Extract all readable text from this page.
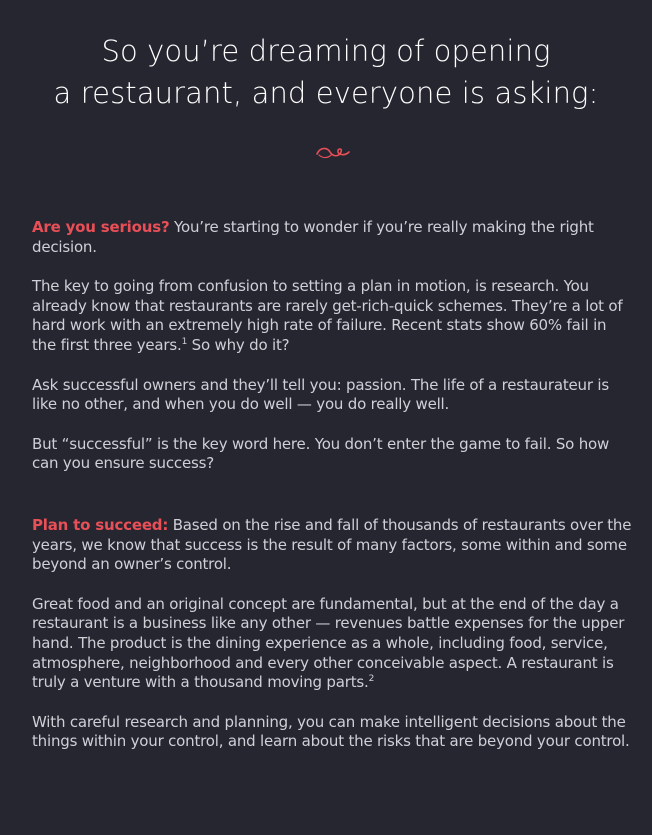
So you’re dreaming of opening
a restaurant, and everyone is asking:

Are you serious? You’re starting to wonder if you’re really making the right decision.

The key to going from confusion to setting a plan in motion, is research. You already know that restaurants are rarely get-rich-quick schemes. They’re a lot of hard work with an extremely high rate of failure. Recent stats show 60% fail in the first three years.$^1$ So why do it?

Ask successful owners and they’ll tell you: passion. The life of a restaurateur is like no other, and when you do well — you do really well.

But “successful” is the key word here. You don’t enter the game to fail. So how can you ensure success?

Plan to succeed: Based on the rise and fall of thousands of restaurants over the years, we know that success is the result of many factors, some within and some beyond an owner’s control.

Great food and an original concept are fundamental, but at the end of the day a restaurant is a business like any other — revenues battle expenses for the upper hand. The product is the dining experience as a whole, including food, service, atmosphere, neighborhood and every other conceivable aspect. A restaurant is truly a venture with a thousand moving parts.$^2$

With careful research and planning, you can make intelligent decisions about the things within your control, and learn about the risks that are beyond your control.
